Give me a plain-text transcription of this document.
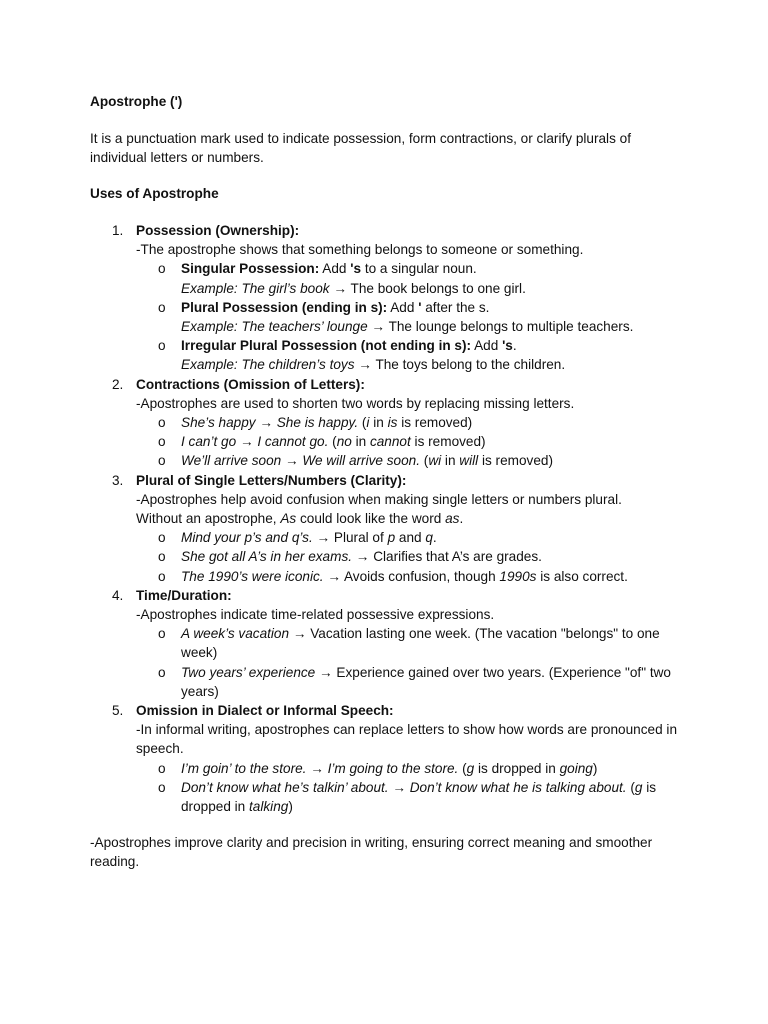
Apostrophe (')

It is a punctuation mark used to indicate possession, form contractions, or clarify plurals of individual letters or numbers.

Uses of Apostrophe
1. Possession (Ownership):
-The apostrophe shows that something belongs to someone or something.
o Singular Possession: Add 's to a singular noun.
Example: The girl’s book → The book belongs to one girl.
o Plural Possession (ending in s): Add ' after the s.
Example: The teachers’ lounge → The lounge belongs to multiple teachers.
o Irregular Plural Possession (not ending in s): Add 's.
Example: The children’s toys → The toys belong to the children.
2. Contractions (Omission of Letters):
-Apostrophes are used to shorten two words by replacing missing letters.
o She’s happy → She is happy. (i in is is removed)
o I can’t go → I cannot go. (no in cannot is removed)
o We’ll arrive soon → We will arrive soon. (wi in will is removed)
3. Plural of Single Letters/Numbers (Clarity):
-Apostrophes help avoid confusion when making single letters or numbers plural.
Without an apostrophe, As could look like the word as.
o Mind your p’s and q’s. → Plural of p and q.
o She got all A’s in her exams. → Clarifies that A’s are grades.
o The 1990’s were iconic. → Avoids confusion, though 1990s is also correct.
4. Time/Duration:
-Apostrophes indicate time-related possessive expressions.
o A week’s vacation → Vacation lasting one week. (The vacation "belongs" to one week)
o Two years’ experience → Experience gained over two years. (Experience "of" two years)
5. Omission in Dialect or Informal Speech:
-In informal writing, apostrophes can replace letters to show how words are pronounced in speech.
o I’m goin’ to the store. → I’m going to the store. (g is dropped in going)
o Don’t know what he’s talkin’ about. → Don’t know what he is talking about. (g is dropped in talking)

-Apostrophes improve clarity and precision in writing, ensuring correct meaning and smoother reading.
